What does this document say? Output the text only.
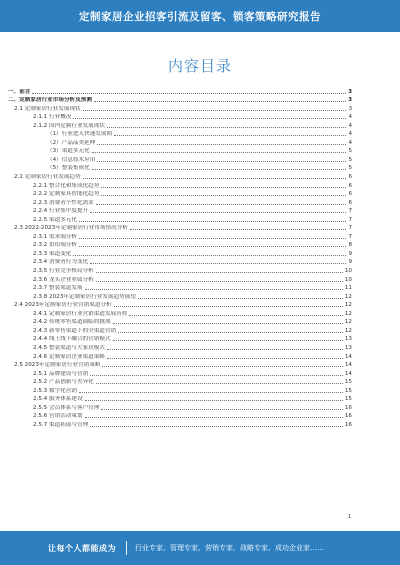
定制家居企业招客引流及留客、锁客策略研究报告
内容目录
一、前言	3
二、定制家居行业市场分析及预测	3
2.1 定制家居行业发展现状	3
2.1.1 行业概况	4
2.1.2 国内定制行业发展现状	4
（1）行业进入快速发展期	4
（2）产品品类延伸	4
（3）渠道多元化	5
（4）信息技术应用	5
（5）整装集成化	5
2.2 定制家居行业发展趋势	6
2.2.1 整合化和集成化趋势	6
2.2.2 定制家具智能化趋势	6
2.2.3 消费者个性化需求	6
2.2.4 行业集中度提升	7
2.2.5 渠道多元化	7
2.3 2022-2023年定制家居行业市场情况分析	7
2.3.1 需求端分析	7
2.3.2 供给端分析	8
2.3.3 渠道变化	9
2.3.4 消费者行为变化	9
2.3.5 行业竞争格局分析	10
2.3.6 龙头企业业绩分析	10
2.3.7 整装渠道发展	11
2.3.8 2023年定制家居行业发展趋势展望	12
2.4 2023年定制家居行业营销渠道分析	12
2.4.1 定制家居行业营销渠道发展历程	12
2.4.2 传统零售渠道面临的挑战	12
2.4.3 新零售渠道下的全渠道营销	12
2.4.4 线上线下融合的营销模式	13
2.4.5 整装渠道与大家居模式	13
2.4.6 定制家居企业渠道策略	14
2.5 2023年定制家居行业营销策略	14
2.5.1 品牌建设与营销	14
2.5.2 产品创新与差异化	15
2.5.3 数字化营销	15
2.5.4 服务体系建设	15
2.5.5 会员体系与客户管理	16
2.5.6 营销活动策划	16
2.5.7 渠道拓展与管理	16
1
让每个人都能成为	行业专家、管理专家、营销专家、战略专家、成功企业家……
